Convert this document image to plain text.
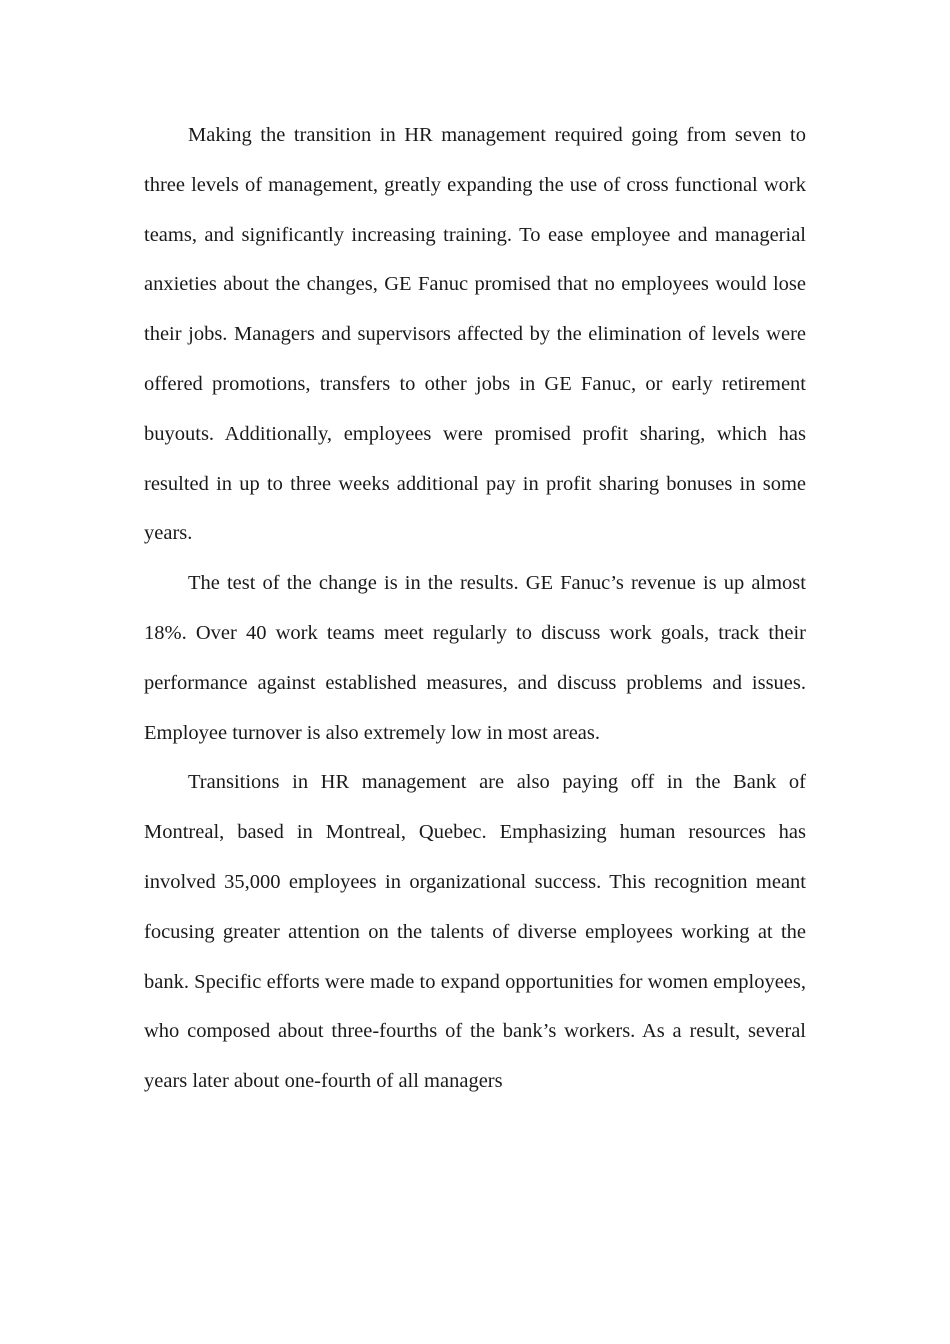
Making the transition in HR management required going from seven to three levels of management, greatly expanding the use of cross functional work teams, and significantly increasing training. To ease employee and managerial anxieties about the changes, GE Fanuc promised that no employees would lose their jobs. Managers and supervisors affected by the elimination of levels were offered promotions, transfers to other jobs in GE Fanuc, or early retirement buyouts. Additionally, employees were promised profit sharing, which has resulted in up to three weeks additional pay in profit sharing bonuses in some years.

The test of the change is in the results. GE Fanuc’s revenue is up almost 18%. Over 40 work teams meet regularly to discuss work goals, track their performance against established measures, and discuss problems and issues. Employee turnover is also extremely low in most areas.

Transitions in HR management are also paying off in the Bank of Montreal, based in Montreal, Quebec. Emphasizing human resources has involved 35,000 employees in organizational success. This recognition meant focusing greater attention on the talents of diverse employees working at the bank. Specific efforts were made to expand opportunities for women employees, who composed about three-fourths of the bank’s workers. As a result, several years later about one-fourth of all managers
